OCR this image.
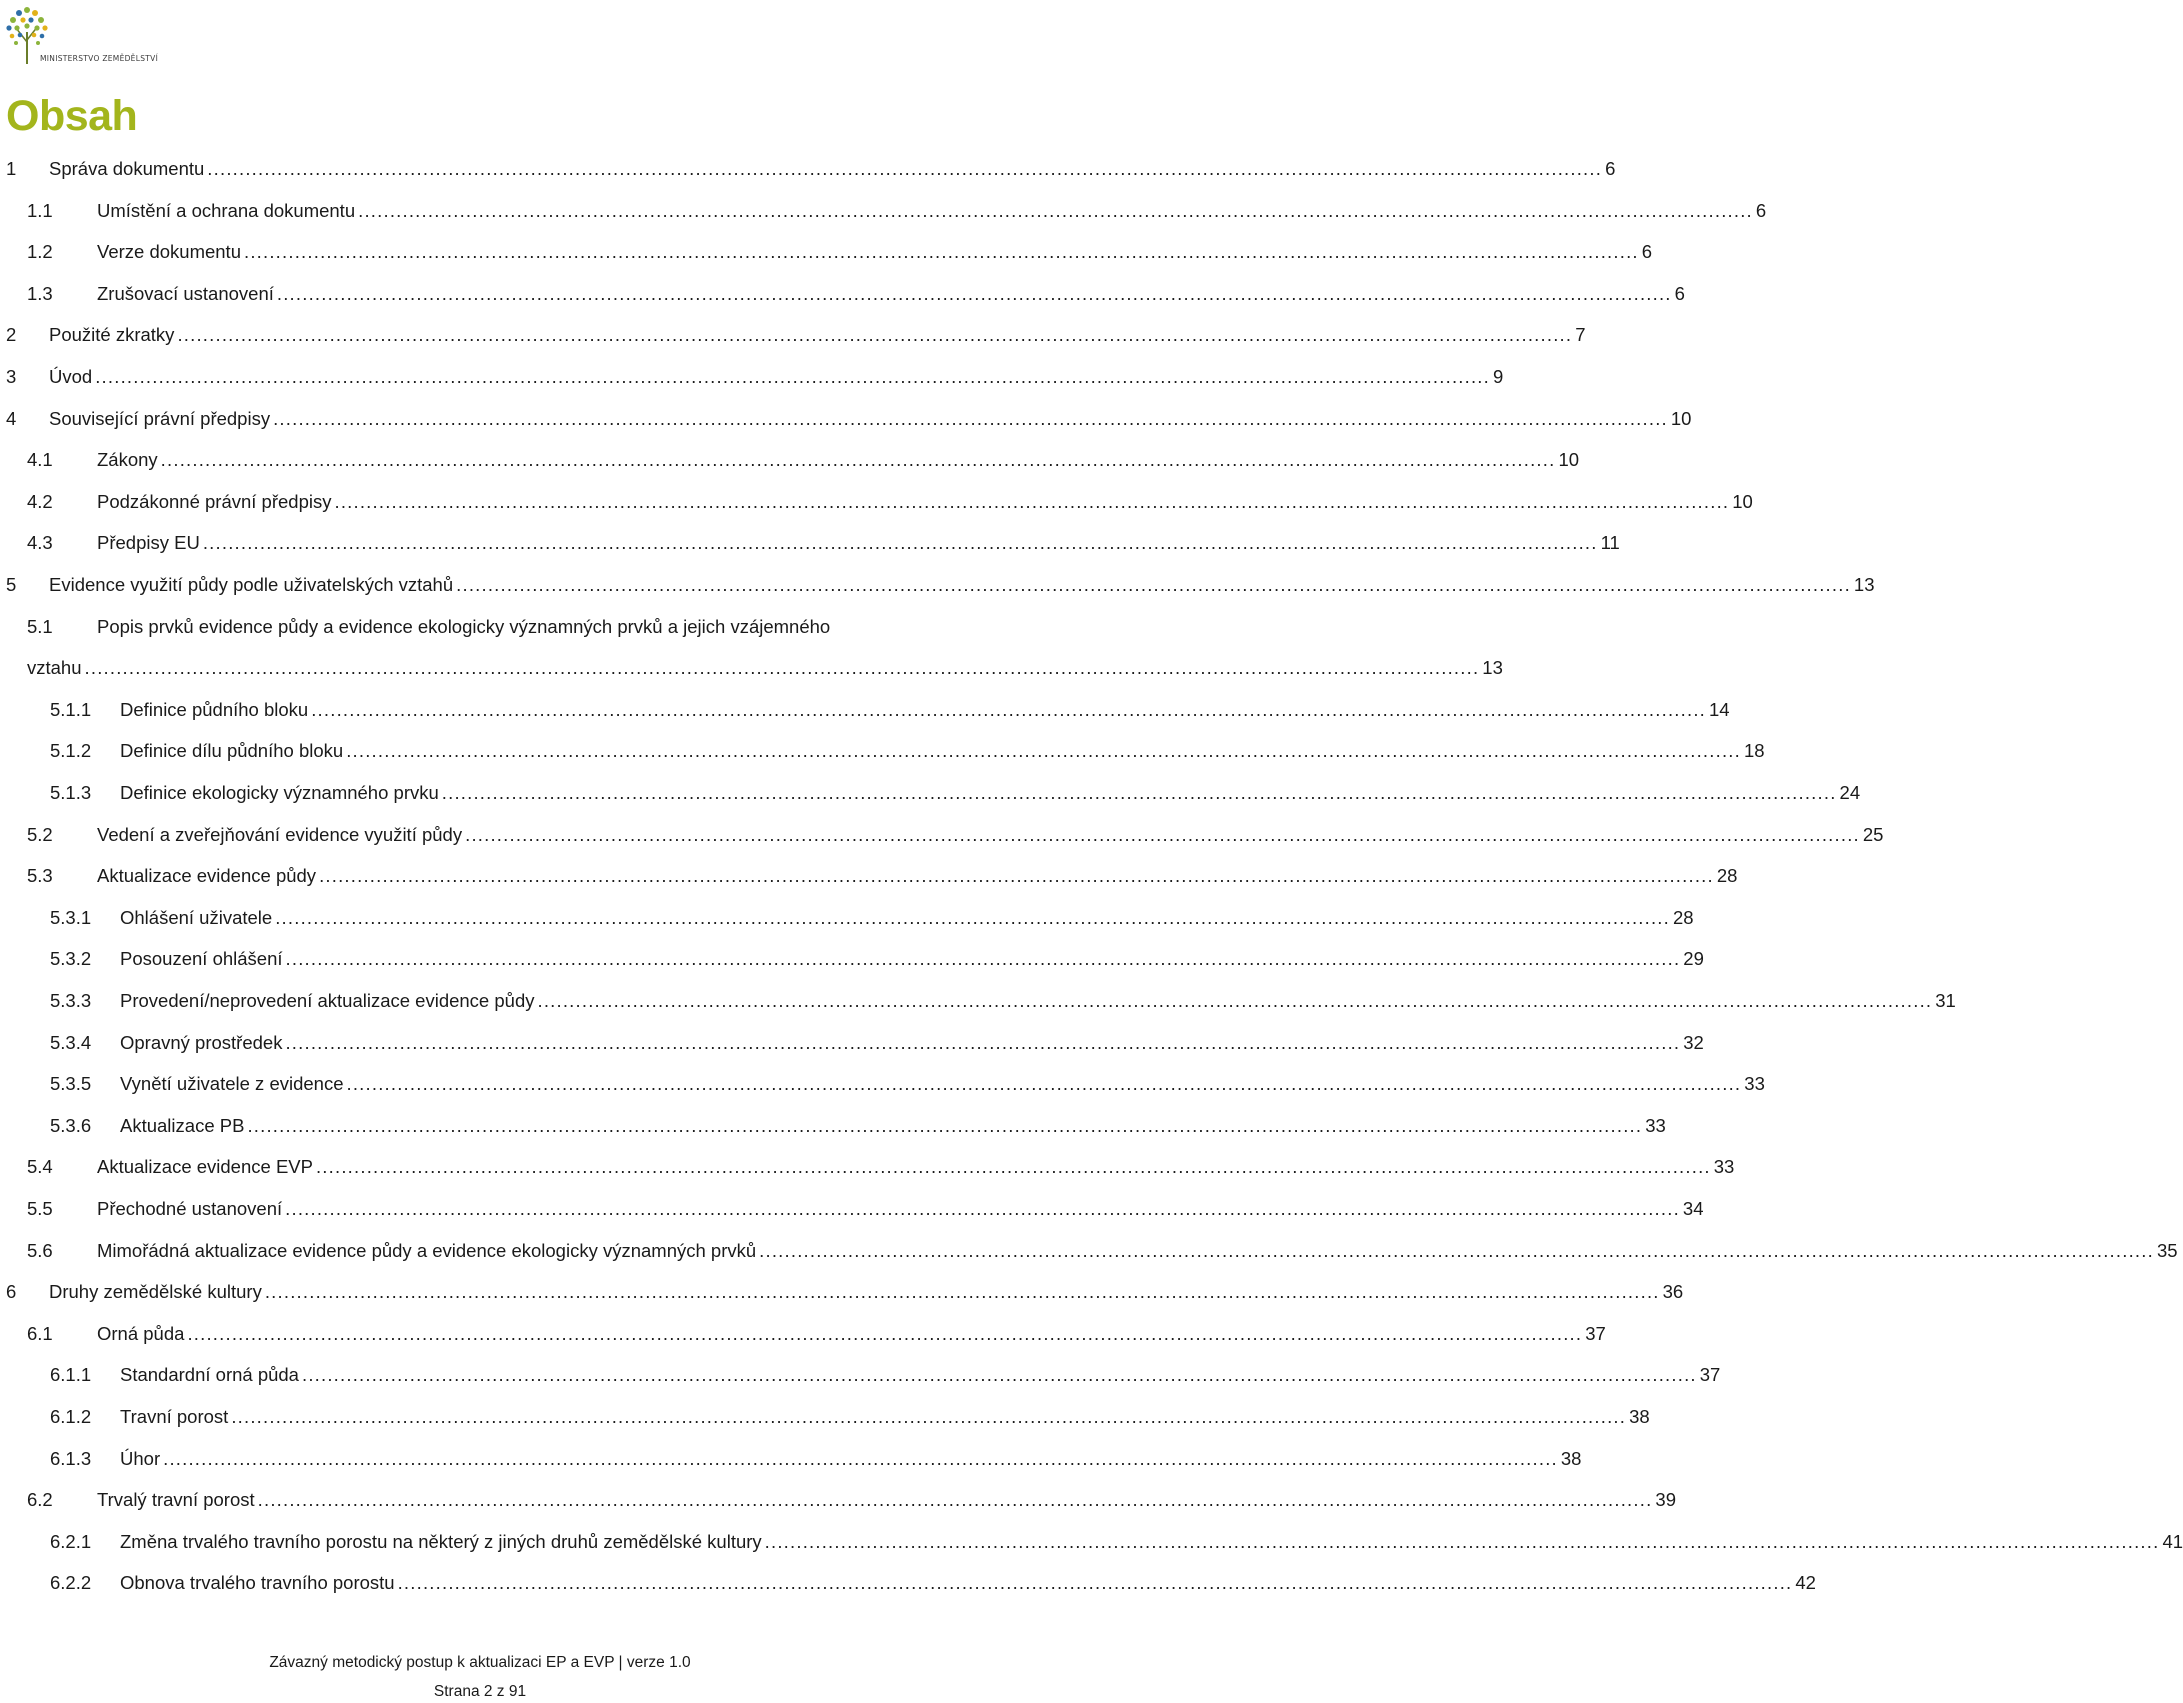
MINISTERSTVO ZEMĚDĚLSTVÍ
Obsah
1 Správa dokumentu ............................................................................................................................................................................................................................ 6
1.1 Umístění a ochrana dokumentu ............................................................................................................................................................................................................................ 6
1.2 Verze dokumentu ............................................................................................................................................................................................................................ 6
1.3 Zrušovací ustanovení ............................................................................................................................................................................................................................ 6
2 Použité zkratky ............................................................................................................................................................................................................................ 7
3 Úvod ............................................................................................................................................................................................................................ 9
4 Související právní předpisy ............................................................................................................................................................................................................................ 10
4.1 Zákony ............................................................................................................................................................................................................................ 10
4.2 Podzákonné právní předpisy ............................................................................................................................................................................................................................ 10
4.3 Předpisy EU ............................................................................................................................................................................................................................ 11
5 Evidence využití půdy podle uživatelských vztahů ............................................................................................................................................................................................................................ 13
5.1 Popis prvků evidence půdy a evidence ekologicky významných prvků a jejich vzájemného
vztahu ............................................................................................................................................................................................................................ 13
5.1.1 Definice půdního bloku ............................................................................................................................................................................................................................ 14
5.1.2 Definice dílu půdního bloku ............................................................................................................................................................................................................................ 18
5.1.3 Definice ekologicky významného prvku ............................................................................................................................................................................................................................ 24
5.2 Vedení a zveřejňování evidence využití půdy ............................................................................................................................................................................................................................ 25
5.3 Aktualizace evidence půdy ............................................................................................................................................................................................................................ 28
5.3.1 Ohlášení uživatele ............................................................................................................................................................................................................................ 28
5.3.2 Posouzení ohlášení ............................................................................................................................................................................................................................ 29
5.3.3 Provedení/neprovedení aktualizace evidence půdy ............................................................................................................................................................................................................................ 31
5.3.4 Opravný prostředek ............................................................................................................................................................................................................................ 32
5.3.5 Vynětí uživatele z evidence ............................................................................................................................................................................................................................ 33
5.3.6 Aktualizace PB ............................................................................................................................................................................................................................ 33
5.4 Aktualizace evidence EVP ............................................................................................................................................................................................................................ 33
5.5 Přechodné ustanovení ............................................................................................................................................................................................................................ 34
5.6 Mimořádná aktualizace evidence půdy a evidence ekologicky významných prvků ............................................................................................................................................................................................................................ 35
6 Druhy zemědělské kultury ............................................................................................................................................................................................................................ 36
6.1 Orná půda ............................................................................................................................................................................................................................ 37
6.1.1 Standardní orná půda ............................................................................................................................................................................................................................ 37
6.1.2 Travní porost ............................................................................................................................................................................................................................ 38
6.1.3 Úhor ............................................................................................................................................................................................................................ 38
6.2 Trvalý travní porost ............................................................................................................................................................................................................................ 39
6.2.1 Změna trvalého travního porostu na některý z jiných druhů zemědělské kultury ............................................................................................................................................................................................................................ 41
6.2.2 Obnova trvalého travního porostu ............................................................................................................................................................................................................................ 42
Závazný metodický postup k aktualizaci EP a EVP | verze 1.0
Strana 2 z 91
